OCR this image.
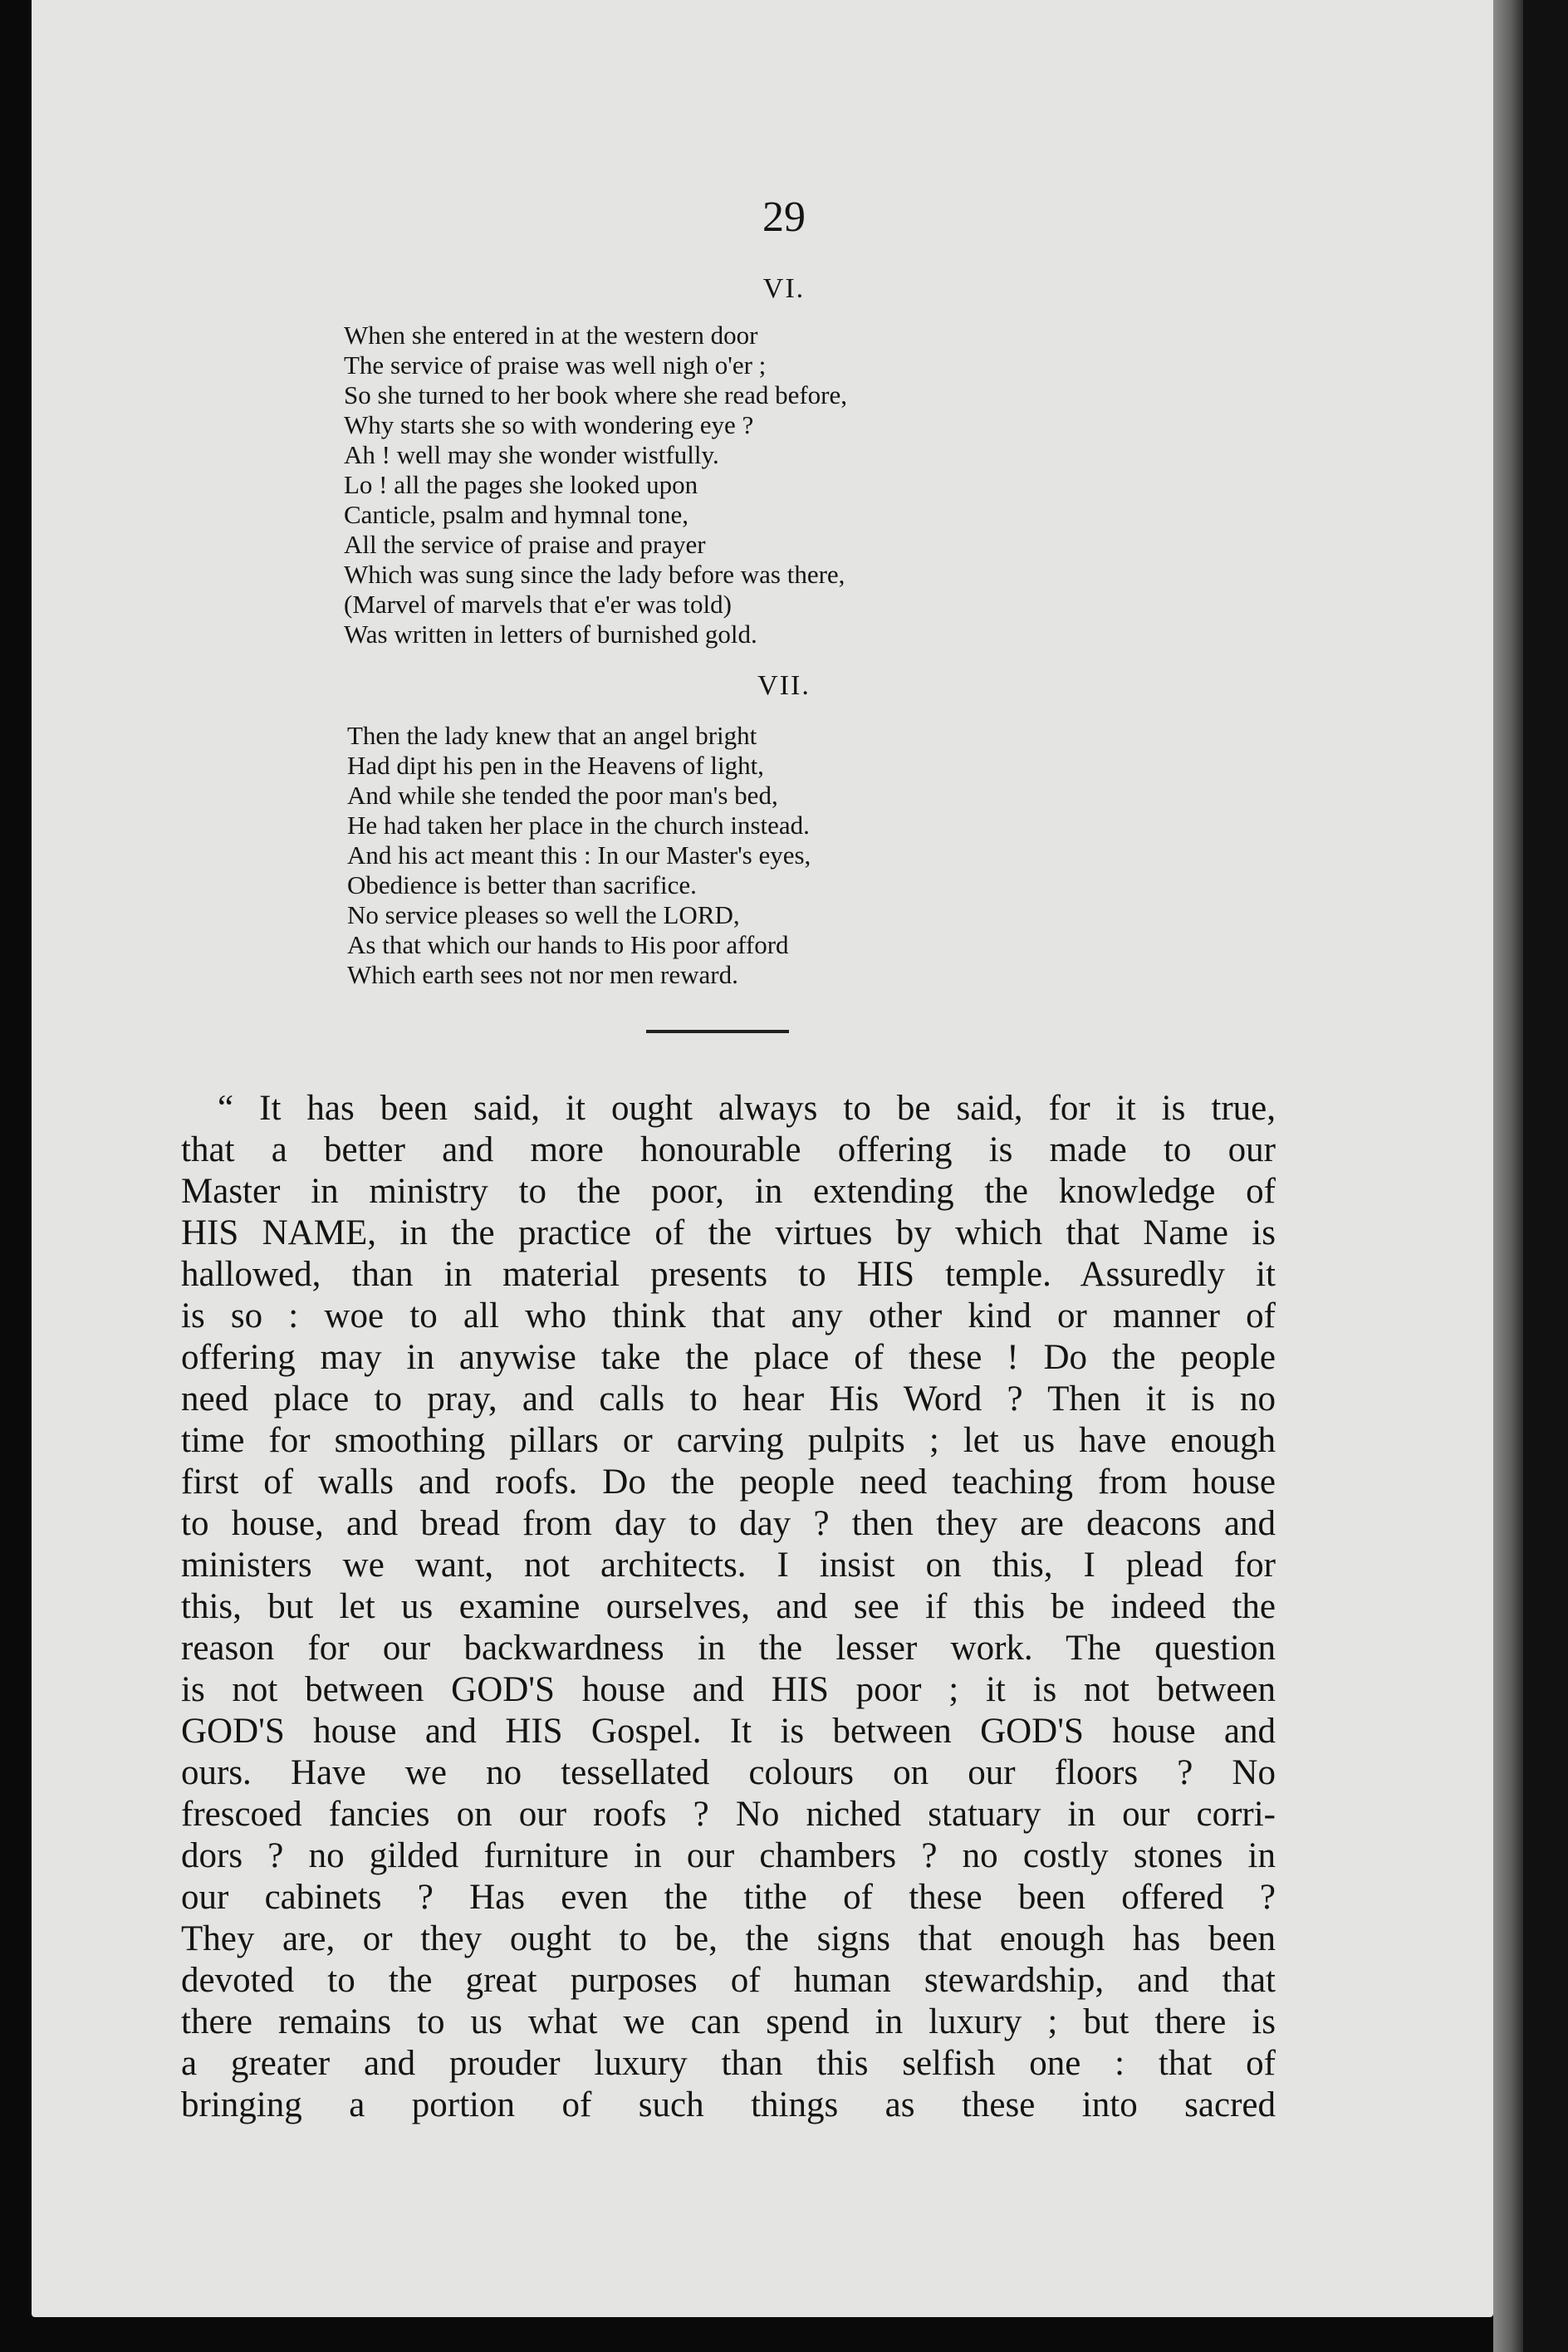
29
VI.
When she entered in at the western door
The service of praise was well nigh o'er ;
So she turned to her book where she read before,
Why starts she so with wondering eye ?
Ah ! well may she wonder wistfully.
Lo ! all the pages she looked upon
Canticle, psalm and hymnal tone,
All the service of praise and prayer
Which was sung since the lady before was there,
(Marvel of marvels that e'er was told)
Was written in letters of burnished gold.
VII.
Then the lady knew that an angel bright
Had dipt his pen in the Heavens of light,
And while she tended the poor man's bed,
He had taken her place in the church instead.
And his act meant this : In our Master's eyes,
Obedience is better than sacrifice.
No service pleases so well the LORD,
As that which our hands to His poor afford
Which earth sees not nor men reward.
“ It has been said, it ought always to be said, for it is true,
that a better and more honourable offering is made to our
Master in ministry to the poor, in extending the knowledge of
HIS NAME, in the practice of the virtues by which that Name is
hallowed, than in material presents to HIS temple. Assuredly it
is so : woe to all who think that any other kind or manner of
offering may in anywise take the place of these ! Do the people
need place to pray, and calls to hear His Word ? Then it is no
time for smoothing pillars or carving pulpits ; let us have enough
first of walls and roofs. Do the people need teaching from house
to house, and bread from day to day ? then they are deacons and
ministers we want, not architects. I insist on this, I plead for
this, but let us examine ourselves, and see if this be indeed the
reason for our backwardness in the lesser work. The question
is not between GOD'S house and HIS poor ; it is not between
GOD'S house and HIS Gospel. It is between GOD'S house and
ours. Have we no tessellated colours on our floors ? No
frescoed fancies on our roofs ? No niched statuary in our corri-
dors ? no gilded furniture in our chambers ? no costly stones in
our cabinets ? Has even the tithe of these been offered ?
They are, or they ought to be, the signs that enough has been
devoted to the great purposes of human stewardship, and that
there remains to us what we can spend in luxury ; but there is
a greater and prouder luxury than this selfish one : that of
bringing a portion of such things as these into sacred
